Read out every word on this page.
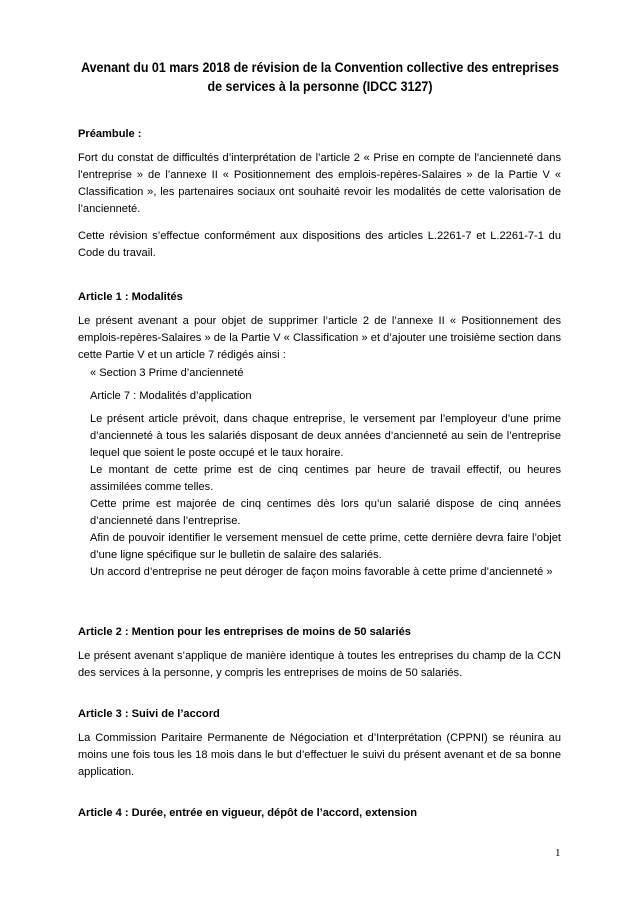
Avenant du 01 mars 2018 de révision de la Convention collective des entreprises
de services à la personne (IDCC 3127)
Préambule :
Fort du constat de difficultés d’interprétation de l’article 2 « Prise en compte de l'ancienneté dans l'entreprise » de l’annexe II « Positionnement des emplois-repères-Salaires » de la Partie V « Classification », les partenaires sociaux ont souhaité revoir les modalités de cette valorisation de l’ancienneté.
Cette révision s’effectue conformément aux dispositions des articles L.2261-7 et L.2261-7-1 du Code du travail.
Article 1 : Modalités
Le présent avenant a pour objet de supprimer l’article 2 de l’annexe II « Positionnement des emplois-repères-Salaires » de la Partie V « Classification » et d’ajouter une troisième section dans cette Partie V et un article 7 rédigés ainsi :
« Section 3 Prime d’ancienneté
Article 7 : Modalités d’application
Le présent article prévoit, dans chaque entreprise, le versement par l’employeur d’une prime d’ancienneté à tous les salariés disposant de deux années d’ancienneté au sein de l’entreprise lequel que soient le poste occupé et le taux horaire.
Le montant de cette prime est de cinq centimes par heure de travail effectif, ou heures assimilées comme telles.
Cette prime est majorée de cinq centimes dès lors qu’un salarié dispose de cinq années d’ancienneté dans l’entreprise.
Afin de pouvoir identifier le versement mensuel de cette prime, cette dernière devra faire l’objet d’une ligne spécifique sur le bulletin de salaire des salariés.
Un accord d’entreprise ne peut déroger de façon moins favorable à cette prime d’ancienneté »
Article 2 : Mention pour les entreprises de moins de 50 salariés
Le présent avenant s’applique de manière identique à toutes les entreprises du champ de la CCN des services à la personne, y compris les entreprises de moins de 50 salariés.
Article 3 : Suivi de l’accord
La Commission Paritaire Permanente de Négociation et d’Interprétation (CPPNI) se réunira au moins une fois tous les 18 mois dans le but d’effectuer le suivi du présent avenant et de sa bonne application.
Article 4 : Durée, entrée en vigueur, dépôt de l’accord, extension
1
